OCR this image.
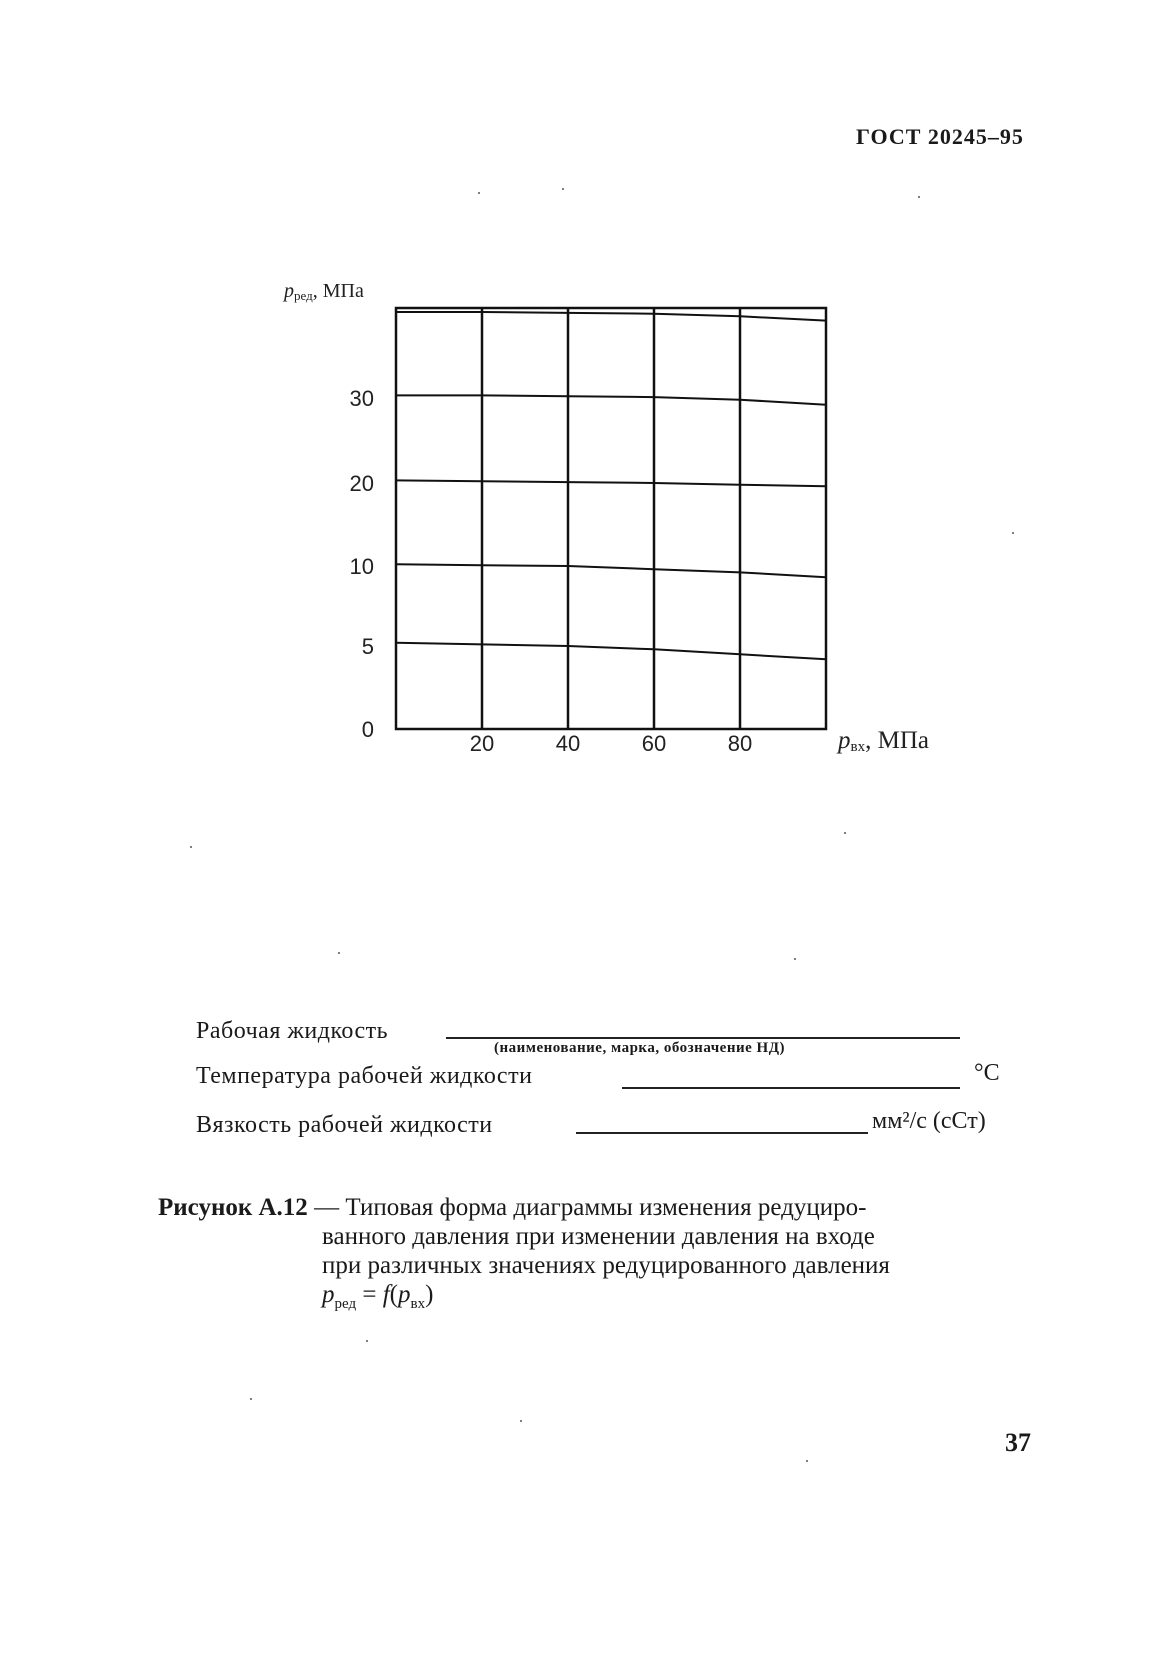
ГОСТ 20245–95
20	40	60	80
0
5
10
20
30
рред, МПа
рвх, МПа
Рабочая жидкость
(наименование, марка, обозначение НД)
Температура рабочей жидкости	°С
Вязкость рабочей жидкости	мм²/с (сСт)
Рисунок А.12 — Типовая форма диаграммы изменения редуциро-
ванного давления при изменении давления на входе
при различных значениях редуцированного давления
$р_{ред} = f(р_{вх})$
37
